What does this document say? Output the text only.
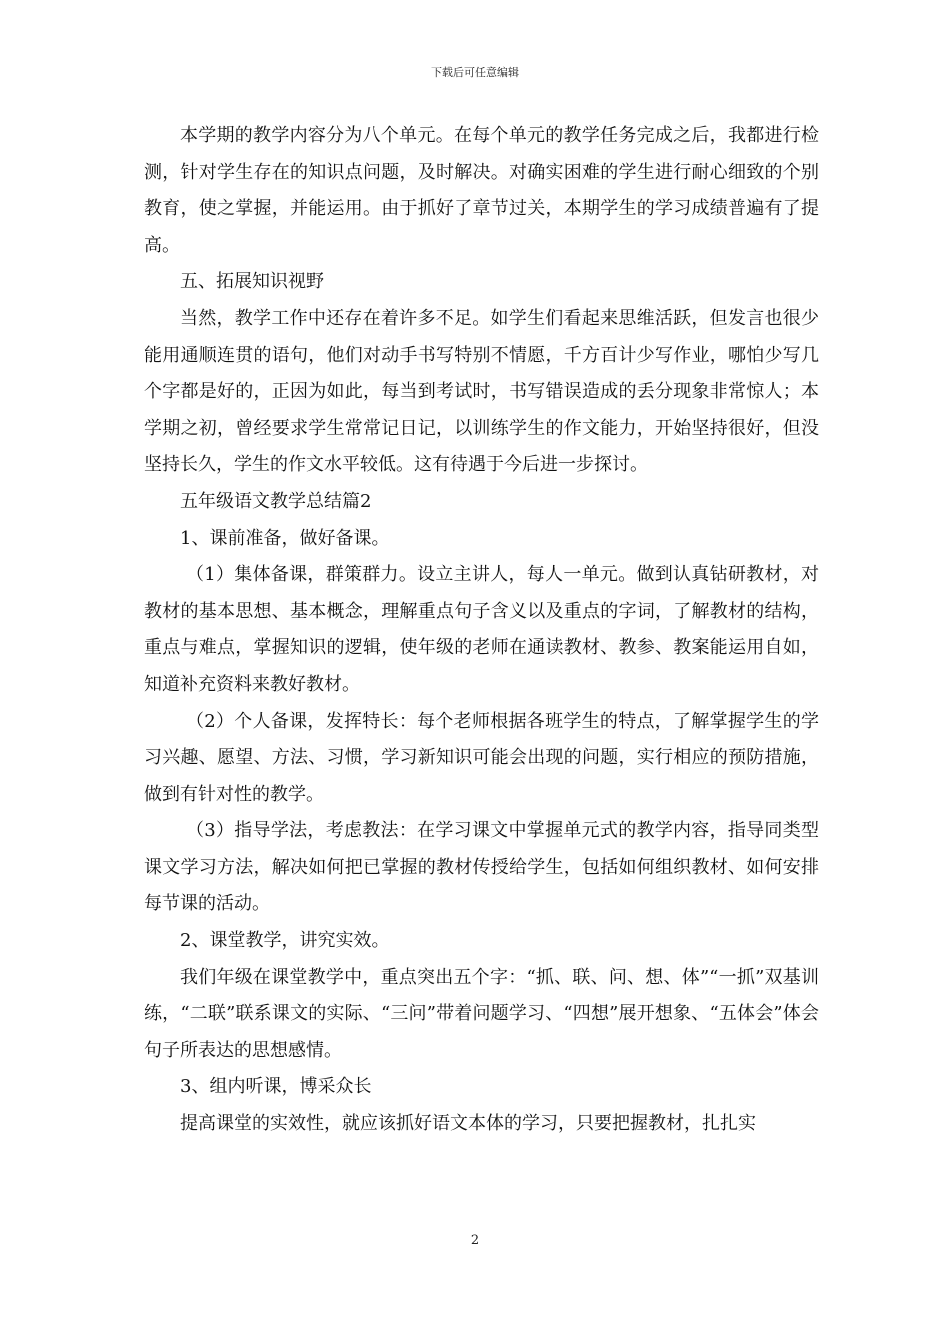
下载后可任意编辑

本学期的教学内容分为八个单元。在每个单元的教学任务完成之后，我都进行检测，针对学生存在的知识点问题，及时解决。对确实困难的学生进行耐心细致的个别教育，使之掌握，并能运用。由于抓好了章节过关，本期学生的学习成绩普遍有了提高。

五、拓展知识视野

当然，教学工作中还存在着许多不足。如学生们看起来思维活跃，但发言也很少能用通顺连贯的语句，他们对动手书写特别不情愿，千方百计少写作业，哪怕少写几个字都是好的，正因为如此，每当到考试时，书写错误造成的丢分现象非常惊人；本学期之初，曾经要求学生常常记日记，以训练学生的作文能力，开始坚持很好，但没坚持长久，学生的作文水平较低。这有待遇于今后进一步探讨。

五年级语文教学总结篇2

1、课前准备，做好备课。

（1）集体备课，群策群力。设立主讲人，每人一单元。做到认真钻研教材，对教材的基本思想、基本概念，理解重点句子含义以及重点的字词，了解教材的结构，重点与难点，掌握知识的逻辑，使年级的老师在通读教材、教参、教案能运用自如，知道补充资料来教好教材。

（2）个人备课，发挥特长：每个老师根据各班学生的特点，了解掌握学生的学习兴趣、愿望、方法、习惯，学习新知识可能会出现的问题，实行相应的预防措施，做到有针对性的教学。

（3）指导学法，考虑教法：在学习课文中掌握单元式的教学内容，指导同类型课文学习方法，解决如何把已掌握的教材传授给学生，包括如何组织教材、如何安排每节课的活动。

2、课堂教学，讲究实效。

我们年级在课堂教学中，重点突出五个字：“抓、联、问、想、体”“一抓”双基训练，“二联”联系课文的实际、“三问”带着问题学习、“四想”展开想象、“五体会”体会句子所表达的思想感情。

3、组内听课，博采众长

提高课堂的实效性，就应该抓好语文本体的学习，只要把握教材，扎扎实

2
